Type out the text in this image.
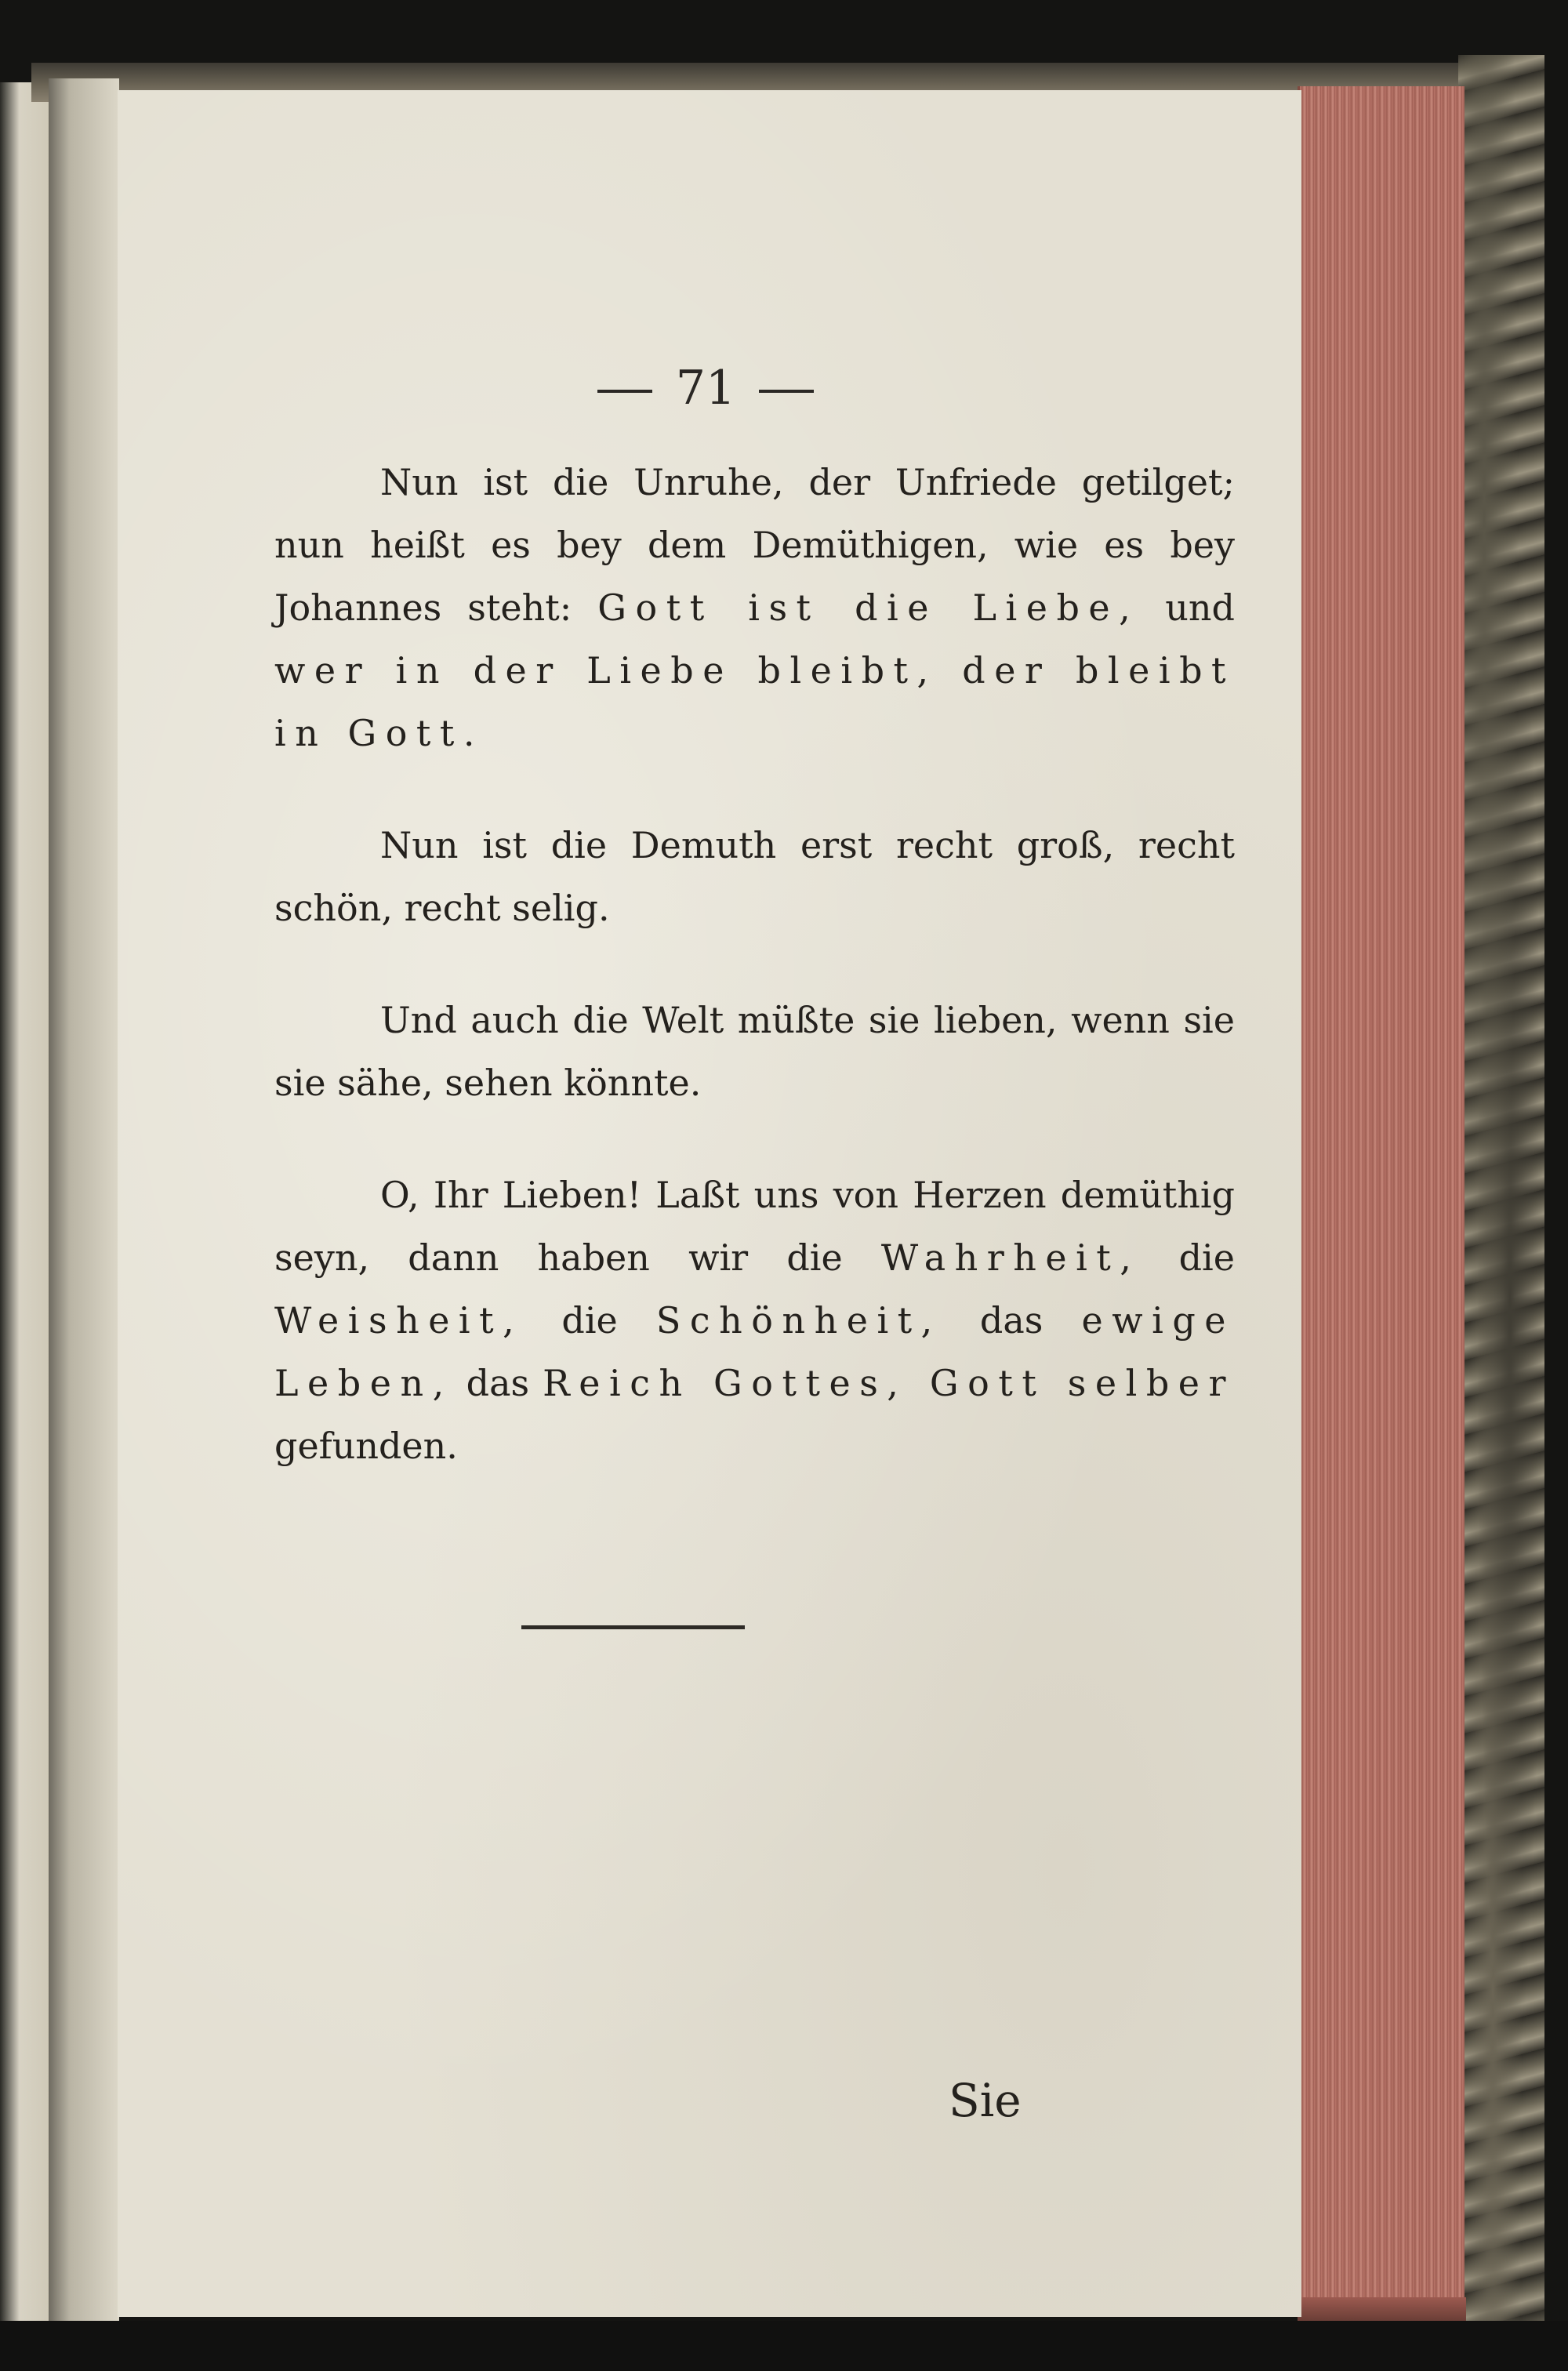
71

Nun ist die Unruhe, der Unfriede getilget; nun heißt es bey dem Demüthigen, wie es bey Johannes steht: Gott ist die Liebe, und wer in der Liebe bleibt, der bleibt in Gott.

Nun ist die Demuth erst recht groß, recht schön, recht selig.

Und auch die Welt müßte sie lieben, wenn sie sie sähe, sehen könnte.

O, Ihr Lieben! Laßt uns von Herzen demüthig seyn, dann haben wir die Wahrheit, die Weisheit, die Schönheit, das ewige Leben, das Reich Gottes, Gott selber gefunden.

Sie
